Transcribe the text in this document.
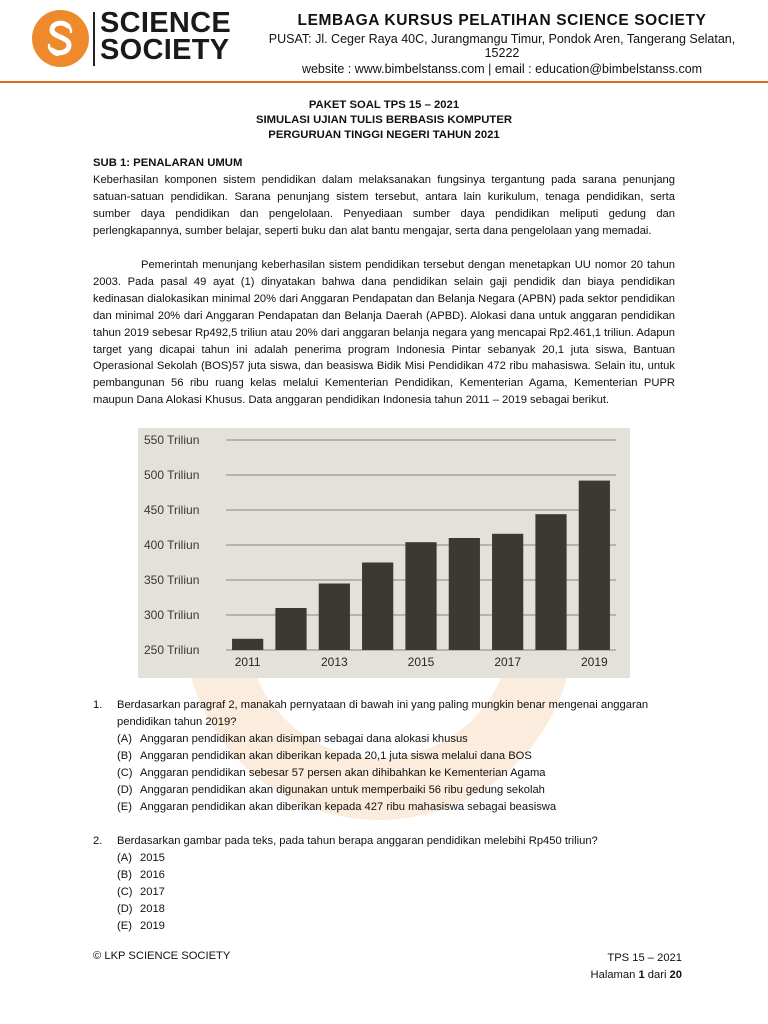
SCIENCE
SOCIETY
LEMBAGA KURSUS PELATIHAN SCIENCE SOCIETY
PUSAT: Jl. Ceger Raya 40C, Jurangmangu Timur, Pondok Aren, Tangerang Selatan, 15222
website : www.bimbelstanss.com | email : education@bimbelstanss.com
PAKET SOAL TPS 15 – 2021
SIMULASI UJIAN TULIS BERBASIS KOMPUTER
PERGURUAN TINGGI NEGERI TAHUN 2021
SUB 1: PENALARAN UMUM

Keberhasilan komponen sistem pendidikan dalam melaksanakan fungsinya tergantung pada sarana penunjang satuan-satuan pendidikan. Sarana penunjang sistem tersebut, antara lain kurikulum, tenaga pendidikan, serta sumber daya pendidikan dan pengelolaan. Penyediaan sumber daya pendidikan meliputi gedung dan perlengkapannya, sumber belajar, seperti buku dan alat bantu mengajar, serta dana pengelolaan yang memadai.

Pemerintah menunjang keberhasilan sistem pendidikan tersebut dengan menetapkan UU nomor 20 tahun 2003. Pada pasal 49 ayat (1) dinyatakan bahwa dana pendidikan selain gaji pendidik dan biaya pendidikan kedinasan dialokasikan minimal 20% dari Anggaran Pendapatan dan Belanja Negara (APBN) pada sektor pendidikan dan minimal 20% dari Anggaran Pendapatan dan Belanja Daerah (APBD). Alokasi dana untuk anggaran pendidikan tahun 2019 sebesar Rp492,5 triliun atau 20% dari anggaran belanja negara yang mencapai Rp2.461,1 triliun. Adapun target yang dicapai tahun ini adalah penerima program Indonesia Pintar sebanyak 20,1 juta siswa, Bantuan Operasional Sekolah (BOS)57 juta siswa, dan beasiswa Bidik Misi Pendidikan 472 ribu mahasiswa. Selain itu, untuk pembangunan 56 ribu ruang kelas melalui Kementerian Pendidikan, Kementerian Agama, Kementerian PUPR maupun Dana Alokasi Khusus. Data anggaran pendidikan Indonesia tahun 2011 – 2019 sebagai berikut.

250 Triliun
300 Triliun
350 Triliun
400 Triliun
450 Triliun
500 Triliun
550 Triliun
2011	2013	2015	2017	2019
1. Berdasarkan paragraf 2, manakah pernyataan di bawah ini yang paling mungkin benar mengenai anggaran pendidikan tahun 2019?
(A) Anggaran pendidikan akan disimpan sebagai dana alokasi khusus
(B) Anggaran pendidikan akan diberikan kepada 20,1 juta siswa melalui dana BOS
(C) Anggaran pendidikan sebesar 57 persen akan dihibahkan ke Kementerian Agama
(D) Anggaran pendidikan akan digunakan untuk memperbaiki 56 ribu gedung sekolah
(E) Anggaran pendidikan akan diberikan kepada 427 ribu mahasiswa sebagai beasiswa
2. Berdasarkan gambar pada teks, pada tahun berapa anggaran pendidikan melebihi Rp450 triliun?
(A) 2015
(B) 2016
(C) 2017
(D) 2018
(E) 2019
© LKP SCIENCE SOCIETY	TPS 15 – 2021
Halaman 1 dari 20
